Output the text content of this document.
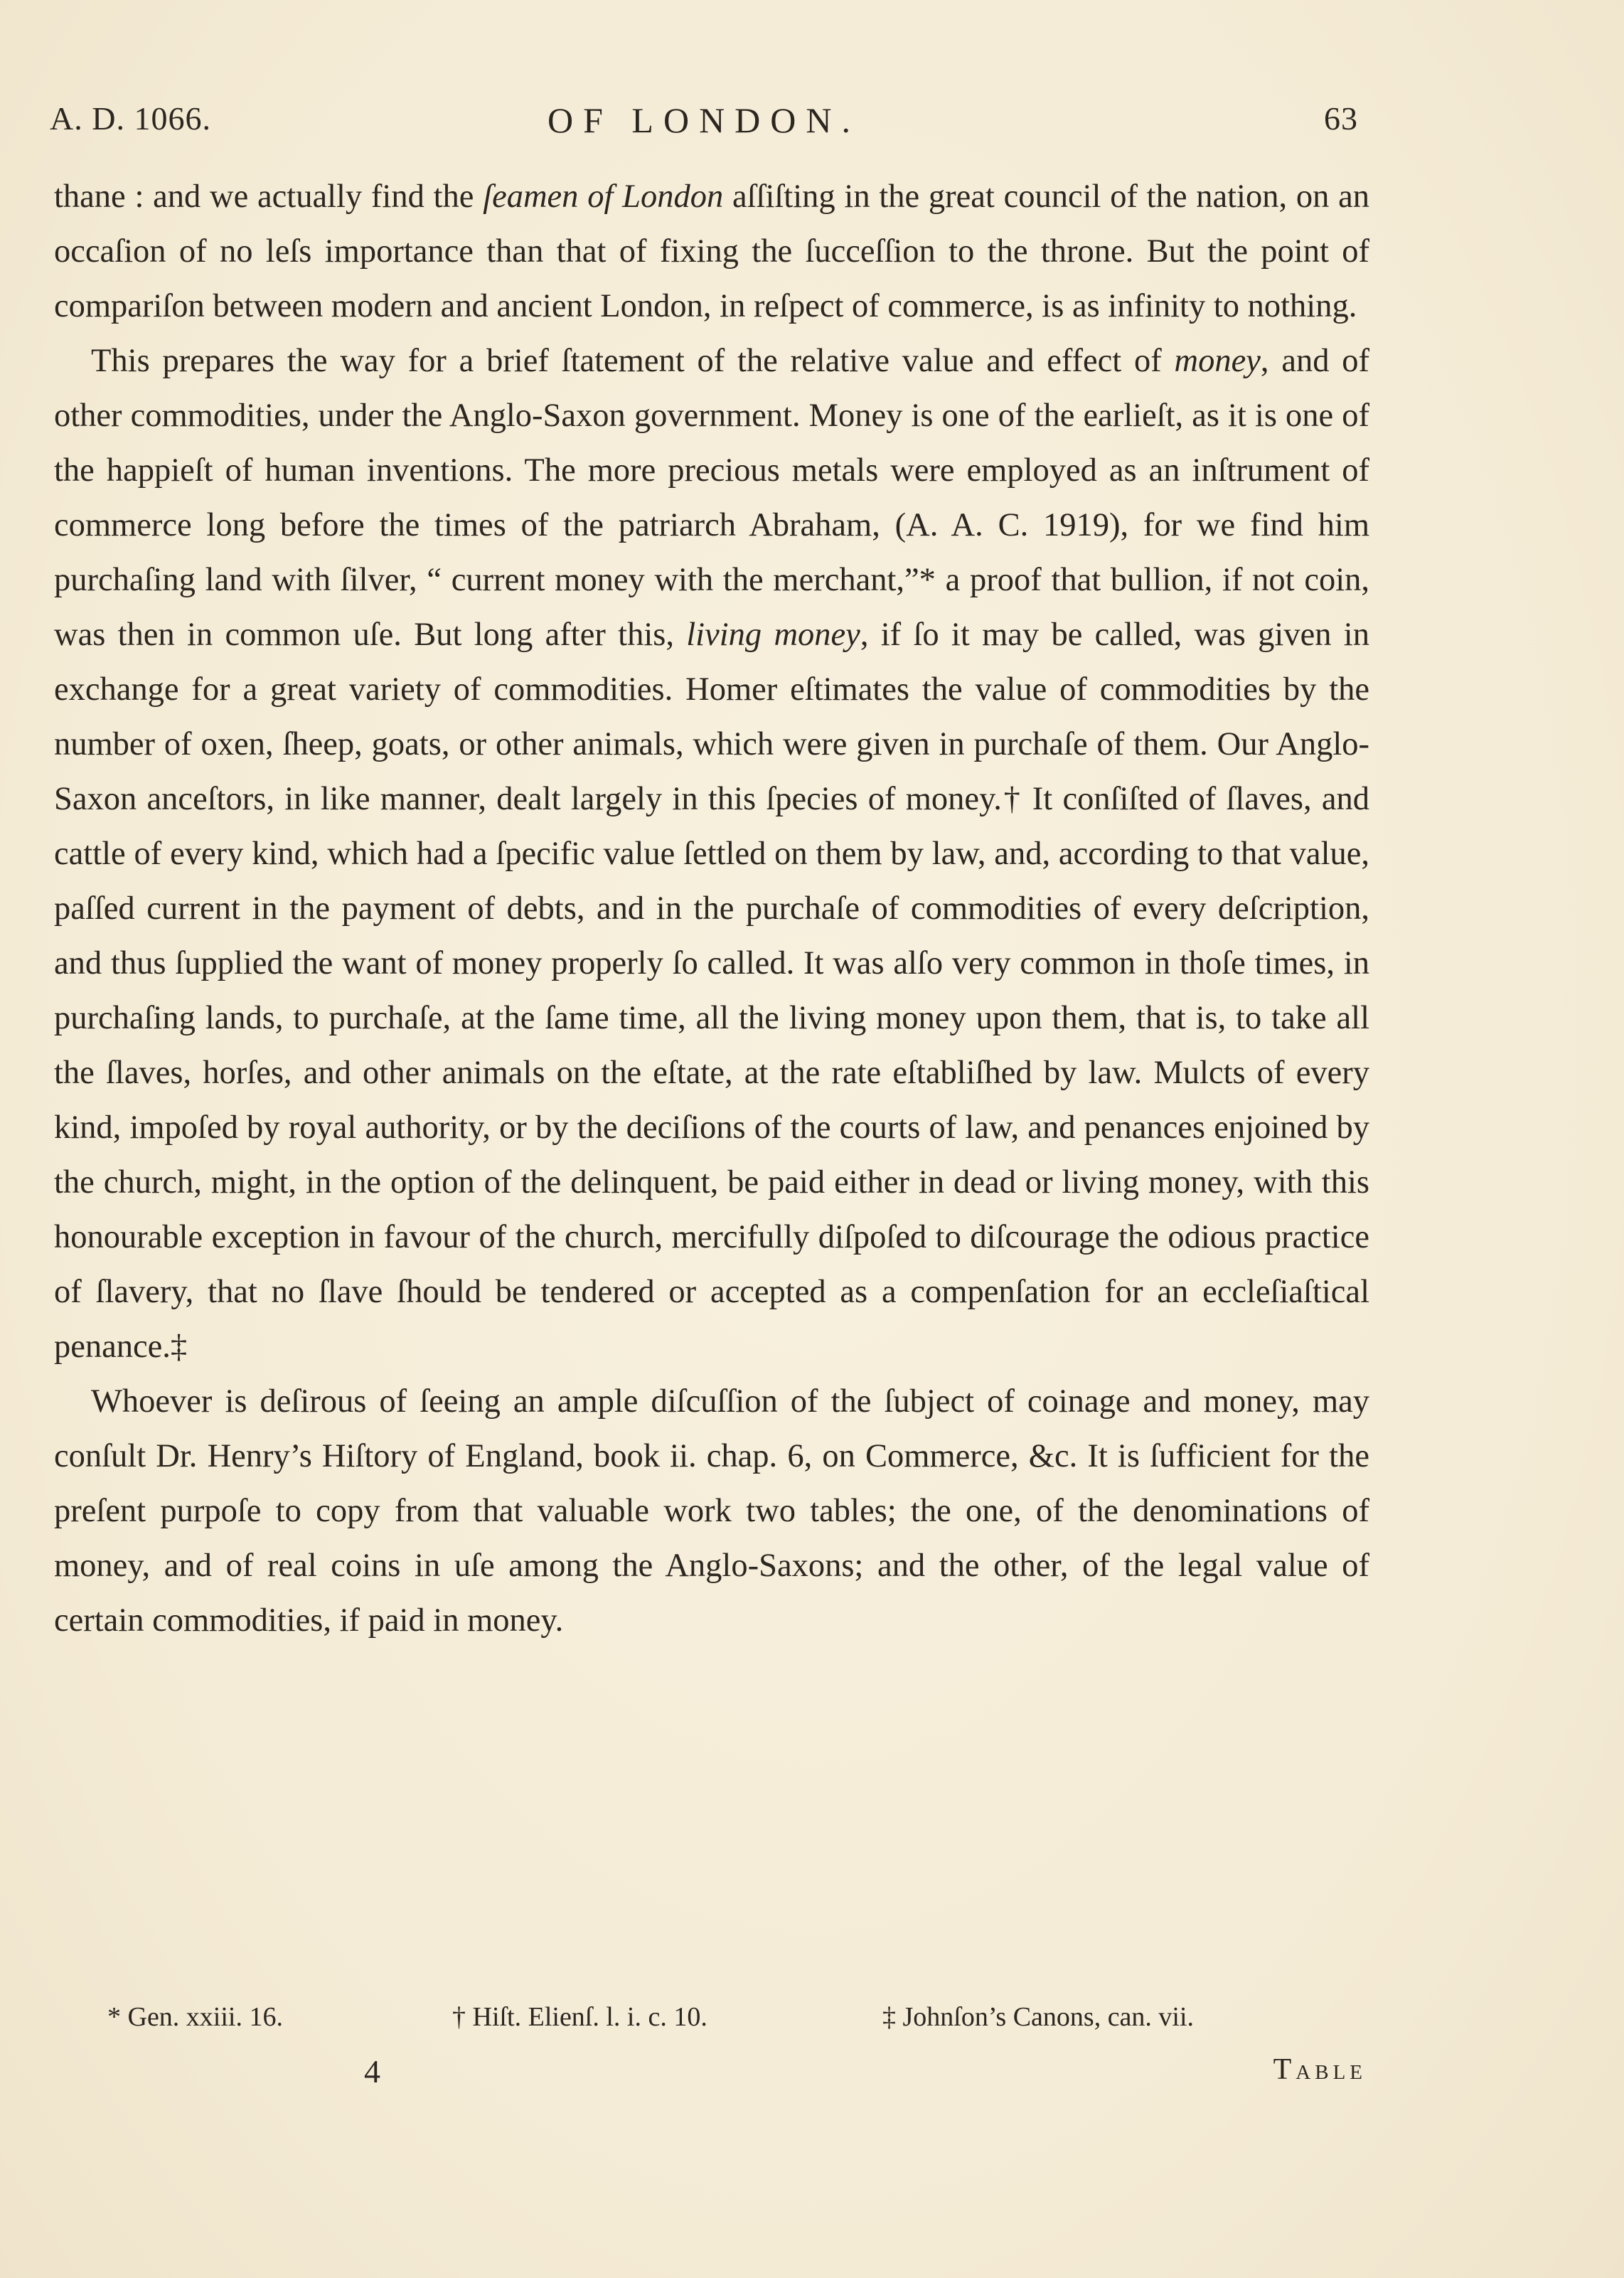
A. D. 1066.	OF LONDON.	63

thane : and we actually find the ſeamen of London aſſiſting in the great council of the nation, on an occaſion of no leſs importance than that of fixing the ſucceſſion to the throne. But the point of compariſon between modern and ancient London, in reſpect of commerce, is as infinity to nothing.

This prepares the way for a brief ſtatement of the relative value and effect of money, and of other commodities, under the Anglo-Saxon government. Money is one of the earlieſt, as it is one of the happieſt of human inventions. The more precious metals were employed as an inſtrument of commerce long before the times of the patriarch Abraham, (A. A. C. 1919), for we find him purchaſing land with ſilver, “ current money with the merchant,”* a proof that bullion, if not coin, was then in common uſe. But long after this, living money, if ſo it may be called, was given in exchange for a great variety of commodities. Homer eſtimates the value of commodities by the number of oxen, ſheep, goats, or other animals, which were given in purchaſe of them. Our Anglo-Saxon anceſtors, in like manner, dealt largely in this ſpecies of money.† It conſiſted of ſlaves, and cattle of every kind, which had a ſpecific value ſettled on them by law, and, according to that value, paſſed current in the payment of debts, and in the purchaſe of commodities of every deſcription, and thus ſupplied the want of money properly ſo called. It was alſo very common in thoſe times, in purchaſing lands, to purchaſe, at the ſame time, all the living money upon them, that is, to take all the ſlaves, horſes, and other animals on the eſtate, at the rate eſtabliſhed by law. Mulcts of every kind, impoſed by royal authority, or by the deciſions of the courts of law, and penances enjoined by the church, might, in the option of the delinquent, be paid either in dead or living money, with this honourable exception in favour of the church, mercifully diſpoſed to diſcourage the odious practice of ſlavery, that no ſlave ſhould be tendered or accepted as a compenſation for an eccleſiaſtical penance.‡

Whoever is deſirous of ſeeing an ample diſcuſſion of the ſubject of coinage and money, may conſult Dr. Henry’s Hiſtory of England, book ii. chap. 6, on Commerce, &c. It is ſufficient for the preſent purpoſe to copy from that valuable work two tables; the one, of the denominations of money, and of real coins in uſe among the Anglo-Saxons; and the other, of the legal value of certain commodities, if paid in money.

* Gen. xxiii. 16.	† Hiſt. Elienſ. l. i. c. 10.	‡ Johnſon’s Canons, can. vii.
4	Table
